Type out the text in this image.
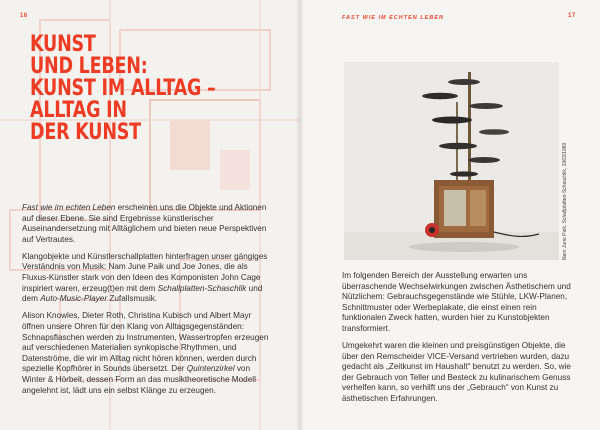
16
KUNST
UND LEBEN:
KUNST IM ALLTAG –
ALLTAG IN
DER KUNST

Fast wie im echten Leben erscheinen uns die Objekte und Aktionen auf dieser Ebene. Sie sind Ergebnisse künstlerischer Auseinandersetzung mit Alltäglichem und bieten neue Perspektiven auf Vertrautes.

Klangobjekte und Künstlerschallplatten hinterfragen unser gängiges Verständnis von Musik: Nam June Paik und Joe Jones, die als Fluxus-Künstler stark von den Ideen des Komponisten John Cage inspiriert waren, erzeug(t)en mit dem Schallplatten-Schaschlik und dem Auto-Music-Player Zufallsmusik.

Alison Knowles, Dieter Roth, Christina Kubisch und Albert Mayr öffnen unsere Ohren für den Klang von Alltagsgegenständen: Schnapsflaschen werden zu Instrumenten, Wassertropfen erzeugen auf verschiedenen Materialien synkopische Rhythmen, und Datenströme, die wir im Alltag nicht hören können, werden durch spezielle Kopfhörer in Sounds übersetzt. Der Quintenzirkel von Winter & Hörbelt, dessen Form an das musiktheoretische Modell angelehnt ist, lädt uns ein selbst Klänge zu erzeugen.

FAST WIE IM ECHTEN LEBEN	17
Nam June Paik, Schallplatten-Schaschlik, 1963/1980

Im folgenden Bereich der Ausstellung erwarten uns überraschende Wechselwirkungen zwischen Ästhetischem und Nützlichem: Gebrauchsgegenstände wie Stühle, LKW-Planen, Schnittmuster oder Werbeplakate, die einst einen rein funktionalen Zweck hatten, wurden hier zu Kunstobjekten transformiert.

Umgekehrt waren die kleinen und preisgünstigen Objekte, die über den Remscheider VICE-Versand vertrieben wurden, dazu gedacht als „Zeitkunst im Haushalt“ benutzt zu werden. So, wie der Gebrauch von Teller und Besteck zu kulinarischem Genuss verhelfen kann, so verhilft uns der „Gebrauch“ von Kunst zu ästhetischen Erfahrungen.
